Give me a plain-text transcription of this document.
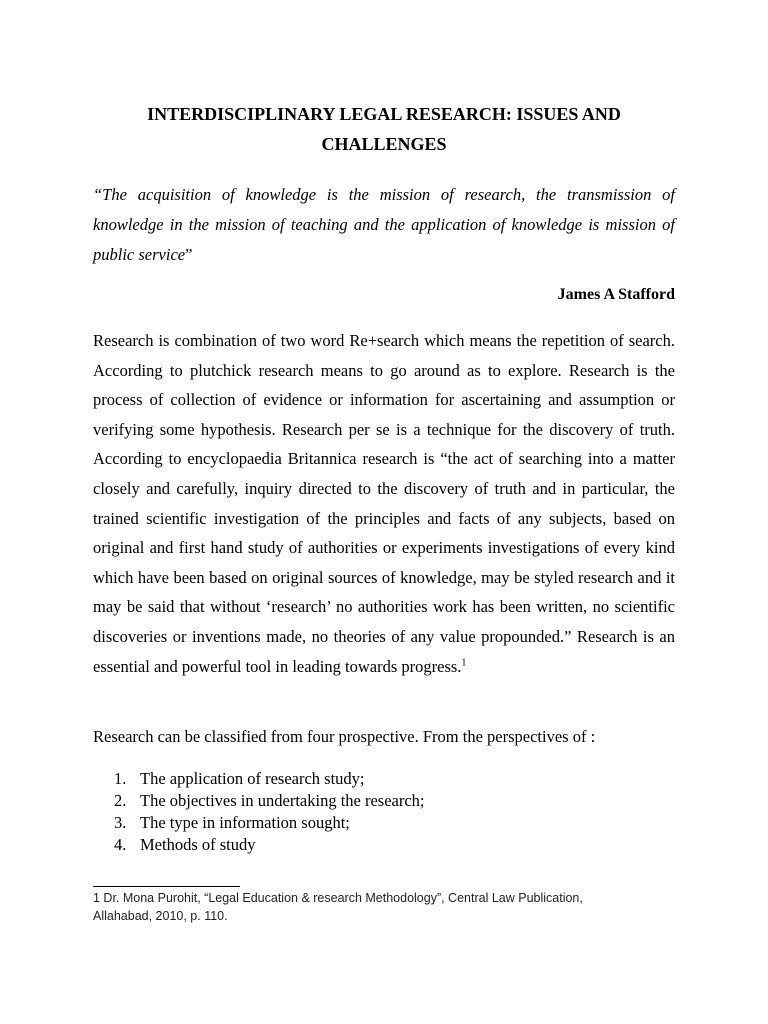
INTERDISCIPLINARY LEGAL RESEARCH: ISSUES AND
CHALLENGES
“The acquisition of knowledge is the mission of research, the transmission of knowledge in the mission of teaching and the application of knowledge is mission of public service”
James A Stafford
Research is combination of two word Re+search which means the repetition of search. According to plutchick research means to go around as to explore. Research is the process of collection of evidence or information for ascertaining and assumption or verifying some hypothesis. Research per se is a technique for the discovery of truth. According to encyclopaedia Britannica research is “the act of searching into a matter closely and carefully, inquiry directed to the discovery of truth and in particular, the trained scientific investigation of the principles and facts of any subjects, based on original and first hand study of authorities or experiments investigations of every kind which have been based on original sources of knowledge, may be styled research and it may be said that without ‘research’ no authorities work has been written, no scientific discoveries or inventions made, no theories of any value propounded.” Research is an essential and powerful tool in leading towards progress.$^1$
Research can be classified from four prospective. From the perspectives of :
1. The application of research study;
2. The objectives in undertaking the research;
3. The type in information sought;
4. Methods of study
1 Dr. Mona Purohit, “Legal Education & research Methodology”, Central Law Publication, Allahabad, 2010, p. 110.
